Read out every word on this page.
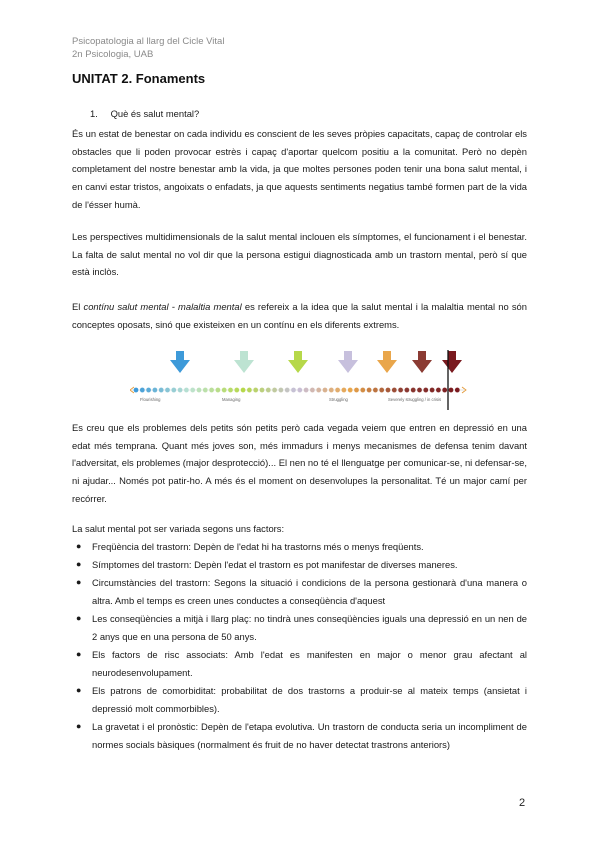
Psicopatologia al llarg del Cicle Vital
2n Psicologia, UAB
UNITAT 2. Fonaments
1. Què és salut mental?
És un estat de benestar on cada individu es conscient de les seves pròpies capacitats, capaç de controlar els obstacles que li poden provocar estrès i capaç d'aportar quelcom positiu a la comunitat. Però no depèn completament del nostre benestar amb la vida, ja que moltes persones poden tenir una bona salut mental, i en canvi estar tristos, angoixats o enfadats, ja que aquests sentiments negatius també formen part de la vida de l'ésser humà.
Les perspectives multidimensionals de la salut mental inclouen els símptomes, el funcionament i el benestar. La falta de salut mental no vol dir que la persona estigui diagnosticada amb un trastorn mental, però sí que està inclòs.
El contínu salut mental - malaltia mental es refereix a la idea que la salut mental i la malaltia mental no són conceptes oposats, sinó que existeixen en un contínu en els diferents extrems.
Flourishing	Managing	Struggling	Severely struggling / in crisis
Es creu que els problemes dels petits són petits però cada vegada veiem que entren en depressió en una edat més temprana. Quant més joves son, més immadurs i menys mecanismes de defensa tenim davant l'adversitat, els problemes (major desprotecció)... El nen no té el llenguatge per comunicar-se, ni defensar-se, ni ajudar... Només pot patir-ho. A més és el moment on desenvolupes la personalitat. Té un major camí per recórrer.
La salut mental pot ser variada segons uns factors:
● Freqüència del trastorn: Depèn de l'edat hi ha trastorns més o menys freqüents.
● Símptomes del trastorn: Depèn l'edat el trastorn es pot manifestar de diverses maneres.
● Circumstàncies del trastorn: Segons la situació i condicions de la persona gestionarà d'una manera o altra. Amb el temps es creen unes conductes a conseqüència d'aquest
● Les conseqüències a mitjà i llarg plaç: no tindrà unes conseqüències iguals una depressió en un nen de 2 anys que en una persona de 50 anys.
● Els factors de risc associats: Amb l'edat es manifesten en major o menor grau afectant al neurodesenvolupament.
● Els patrons de comorbiditat: probabilitat de dos trastorns a produir-se al mateix temps (ansietat i depressió molt commorbibles).
● La gravetat i el pronòstic: Depèn de l'etapa evolutiva. Un trastorn de conducta seria un incompliment de normes socials bàsiques (normalment és fruit de no haver detectat trastrons anteriors)
2
